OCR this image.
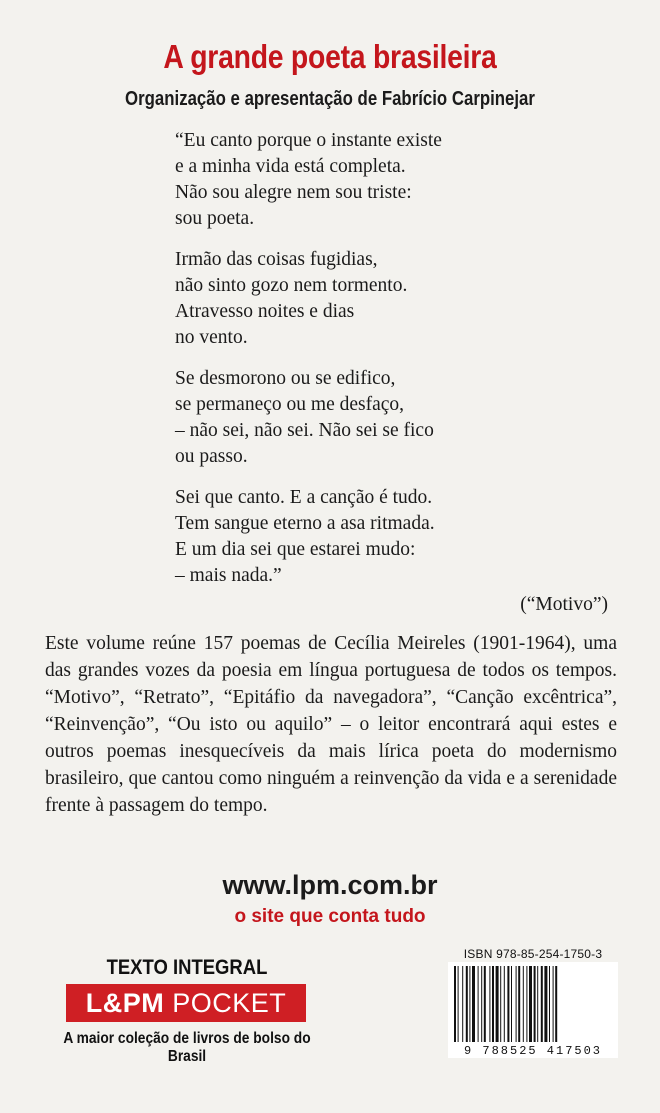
A grande poeta brasileira
Organização e apresentação de Fabrício Carpinejar
“Eu canto porque o instante existe
e a minha vida está completa.
Não sou alegre nem sou triste:
sou poeta.
Irmão das coisas fugidias,
não sinto gozo nem tormento.
Atravesso noites e dias
no vento.
Se desmorono ou se edifico,
se permaneço ou me desfaço,
– não sei, não sei. Não sei se fico
ou passo.
Sei que canto. E a canção é tudo.
Tem sangue eterno a asa ritmada.
E um dia sei que estarei mudo:
– mais nada.”
(“Motivo”)
Este volume reúne 157 poemas de Cecília Meireles (1901-1964), uma das grandes vozes da poesia em língua portuguesa de todos os tempos. “Motivo”, “Retrato”, “Epitáfio da navegadora”, “Canção excêntrica”, “Reinvenção”, “Ou isto ou aquilo” – o leitor encontrará aqui estes e outros poemas inesquecíveis da mais lírica poeta do modernismo brasileiro, que cantou como ninguém a reinvenção da vida e a serenidade frente à passagem do tempo.
www.lpm.com.br
o site que conta tudo
TEXTO INTEGRAL
L&PM POCKET
A maior coleção de livros de bolso do Brasil
ISBN 978-85-254-1750-3
9 788525 417503
